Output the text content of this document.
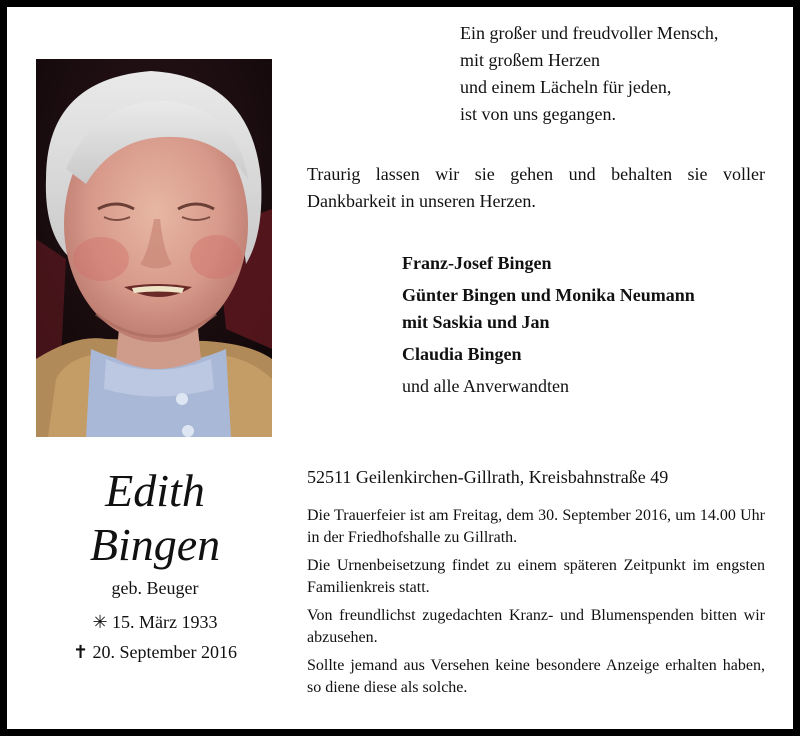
Ein großer und freudvoller Mensch,
mit großem Herzen
und einem Lächeln für jeden,
ist von uns gegangen.
Traurig lassen wir sie gehen und behalten sie voller Dankbarkeit in unseren Herzen.
Franz-Josef Bingen
Günter Bingen und Monika Neumann
mit Saskia und Jan
Claudia Bingen
und alle Anverwandten
Edith
Bingen
geb. Beuger
✳ 15. März 1933
✝ 20. September 2016
52511 Geilenkirchen-Gillrath, Kreisbahnstraße 49

Die Trauerfeier ist am Freitag, dem 30. September 2016, um 14.00 Uhr in der Friedhofshalle zu Gillrath.

Die Urnenbeisetzung findet zu einem späteren Zeitpunkt im engsten Familienkreis statt.

Von freundlichst zugedachten Kranz- und Blumenspenden bitten wir abzusehen.

Sollte jemand aus Versehen keine besondere Anzeige erhalten haben, so diene diese als solche.
